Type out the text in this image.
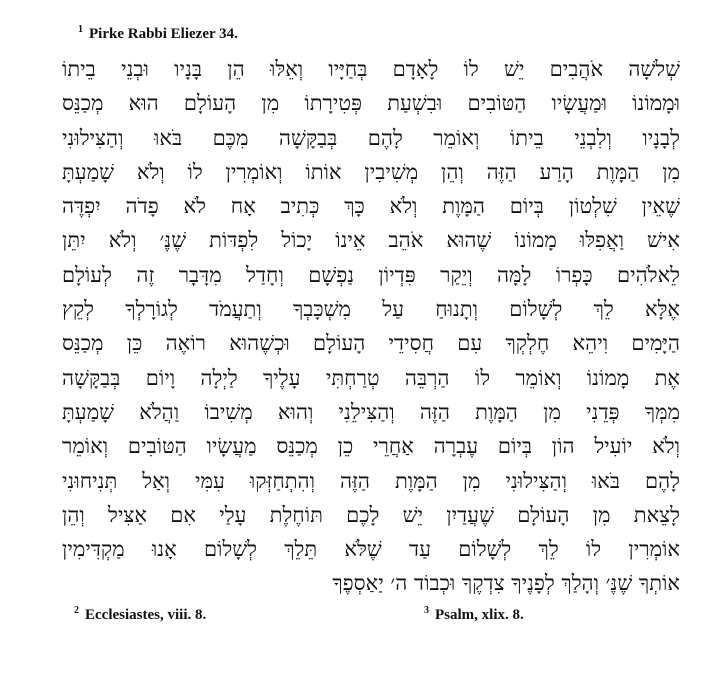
$^1$ Pirke Rabbi Eliezer 34.
שְׁלשָׁה אֹהֲבִים יֵשׁ לוֹ לָאָדָם בְּחַיָּיו וְאֵלּוּ הֵן בָּנָיו וּבְנֵי בֵיתוֹ
וּמָמוֹנוֹ וּמַעֲשָׂיו הַטּוֹבִים וּבִשְׁעַת פְּטִירָתוֹ מִן הָעוֹלָם הוּא מְכַנֵּס
לְבָנָיו וְלִבְנֵי בֵיתוֹ וְאוֹמֵר לָהֶם בְּבַקָּשָׁה מִכֶּם בֹּאוּ וְהַצִּילוּנִי
מִן הַמָּוֶת הָרַע הַזֶּה וְהֵן מְשִׁיבִין אוֹתוֹ וְאוֹמְרִין לוֹ וְלֹא שָׁמַעְתָּ
שֶׁאֵין שִׁלְטוֹן בְּיוֹם הַמָּוֶת וְלֹא כָּךְ כְּתִיב אָח לֹא פָדֹה יִפְדֶּה
אִישׁ וַאֲפִלּוּ מָמוֹנוֹ שֶׁהוּא אֹהֵב אֵינוֹ יָכוֹל לִפְדּוֹת שֶׁנֶּ׳ וְלֹא יִתֵּן
לֵאלֹהִים כָּפְרוֹ לָמָּה וְיֵקַר פִּדְיוֹן נַפְשָׁם וְחָדַל מִדָּבָר זֶה לְעוֹלָם
אֶלָּא לֵךְ לְשָׁלוֹם וְתָנוּחַ עַל מִשְׁכָּבְךָ וְתַעֲמֹד לְגוֹרָלְךָ לְקֵץ
הַיָּמִים וִיהֵא חֶלְקְךָ עִם חֲסִידֵי הָעוֹלָם וּכְשֶׁהוּא רוֹאֶה כֵּן מְכַנֵּס
אֶת מָמוֹנוֹ וְאוֹמֵר לוֹ הַרְבֵּה טְרַחְתִּי עָלֶיךָ לַיְלָה וָיוֹם בְּבַקָּשָׁה
מִמְּךָ פְּדֵנִי מִן הַמָּוֶת הַזֶּה וְהַצִּילֵנִי וְהוּא מְשִׁיבוֹ וַהֲלֹא שָׁמַעְתָּ
וְלֹא יוֹעִיל הוֹן בְּיוֹם עֶבְרָה אַחֲרֵי כֵן מְכַנֵּס מַעֲשָׂיו הַטּוֹבִים וְאוֹמֵר
לָהֶם בֹּאוּ וְהַצִּילוּנִי מִן הַמָּוֶת הַזֶּה וְהִתְחַזְּקוּ עִמִּי וְאַל תְּנִיחוּנִי
לָצֵאת מִן הָעוֹלָם שֶׁעֲדַיִן יֵשׁ לָכֶם תּוֹחֶלֶת עָלַי אִם אַצִּיל וְהֵן
אוֹמְרִין לוֹ לֵךְ לְשָׁלוֹם עַד שֶׁלֹּא תֵּלֵךְ לְשָׁלוֹם אָנוּ מַקְדִּימִין
אוֹתְךָ שֶׁנֶּ׳ וְהָלַךְ לְפָנֶיךָ צִדְקֶךָ וּכְבוֹד ה׳ יַאַסְפֶךָ
$^2$ Ecclesiastes, viii. 8.	$^3$ Psalm, xlix. 8.
